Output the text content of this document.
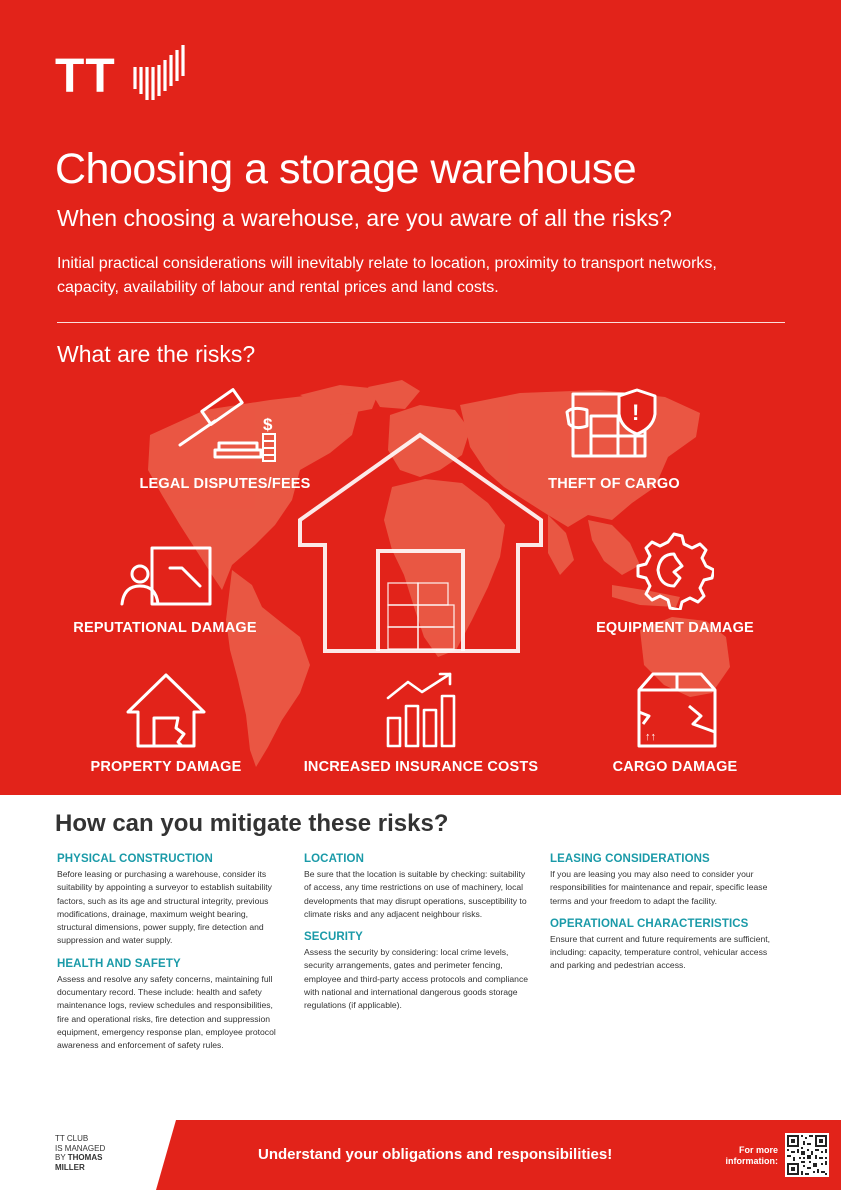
TT
Choosing a storage warehouse
When choosing a warehouse, are you aware of all the risks?

Initial practical considerations will inevitably relate to location, proximity to transport networks, capacity, availability of labour and rental prices and land costs.

What are the risks?
$
LEGAL DISPUTES/FEES
!
THEFT OF CARGO
REPUTATIONAL DAMAGE	EQUIPMENT DAMAGE
PROPERTY DAMAGE	INCREASED INSURANCE COSTS
↑↑
CARGO DAMAGE
How can you mitigate these risks?
PHYSICAL CONSTRUCTION

Before leasing or purchasing a warehouse, consider its suitability by appointing a surveyor to establish suitability factors, such as its age and structural integrity, previous modifications, drainage, maximum weight bearing, structural dimensions, power supply, fire detection and suppression and water supply.

HEALTH AND SAFETY

Assess and resolve any safety concerns, maintaining full documentary record. These include: health and safety maintenance logs, review schedules and responsibilities, fire and operational risks, fire detection and suppression equipment, emergency response plan, employee protocol awareness and enforcement of safety rules.

LOCATION

Be sure that the location is suitable by checking: suitability of access, any time restrictions on use of machinery, local developments that may disrupt operations, susceptibility to climate risks and any adjacent neighbour risks.

SECURITY

Assess the security by considering: local crime levels, security arrangements, gates and perimeter fencing, employee and third-party access protocols and compliance with national and international dangerous goods storage regulations (if applicable).

LEASING CONSIDERATIONS

If you are leasing you may also need to consider your responsibilities for maintenance and repair, specific lease terms and your freedom to adapt the facility.

OPERATIONAL CHARACTERISTICS

Ensure that current and future requirements are sufficient, including: capacity, temperature control, vehicular access and parking and pedestrian access.

TT CLUB
IS MANAGED
BY THOMAS
MILLER
Understand your obligations and responsibilities!	For more
information:
